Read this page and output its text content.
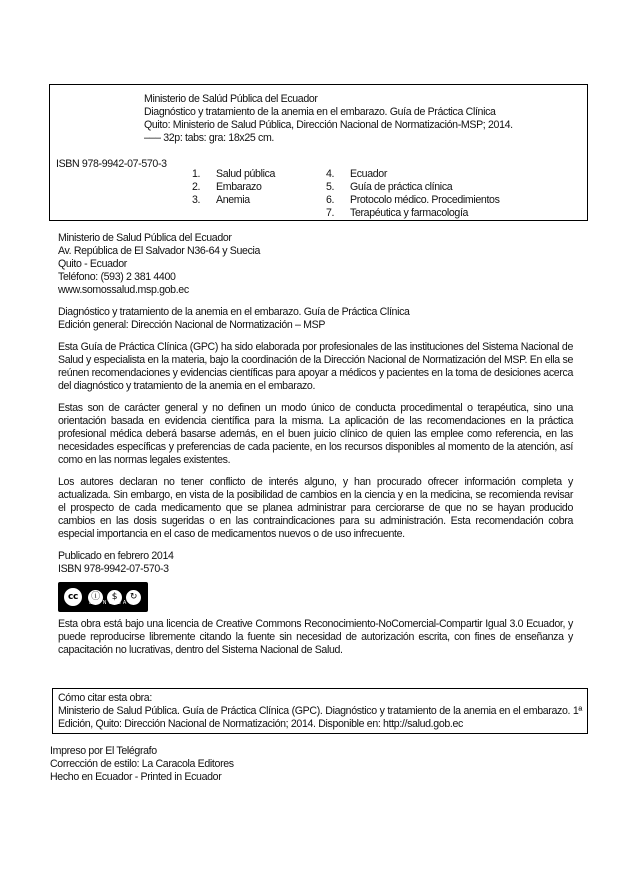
Ministerio de Salúd Pública del Ecuador
Diagnóstico y tratamiento de la anemia en el embarazo. Guía de Práctica Clínica
Quito: Ministerio de Salud Pública, Dirección Nacional de Normatización-MSP; 2014.
––– 32p: tabs: gra: 18x25 cm.
ISBN 978-9942-07-570-3
1. Salud pública
2. Embarazo
3. Anemia
4. Ecuador
5. Guía de práctica clínica
6. Protocolo médico. Procedimientos
7. Terapéutica y farmacología

Ministerio de Salud Pública del Ecuador
Av. República de El Salvador N36-64 y Suecia
Quito - Ecuador
Teléfono: (593) 2 381 4400
www.somossalud.msp.gob.ec

Diagnóstico y tratamiento de la anemia en el embarazo. Guía de Práctica Clínica
Edición general: Dirección Nacional de Normatización – MSP

Esta Guía de Práctica Clínica (GPC) ha sido elaborada por profesionales de las instituciones del Sistema Nacional de Salud y especialista en la materia, bajo la coordinación de la Dirección Nacional de Normatización del MSP. En ella se reúnen recomendaciones y evidencias científicas para apoyar a médicos y pacientes en la toma de desiciones acerca del diagnóstico y tratamiento de la anemia en el embarazo.

Estas son de carácter general y no definen un modo único de conducta procedimental o terapéutica, sino una orientación basada en evidencia científica para la misma. La aplicación de las recomendaciones en la práctica profesional médica deberá basarse además, en el buen juicio clínico de quien las emplee como referencia, en las necesidades específicas y preferencias de cada paciente, en los recursos disponibles al momento de la atención, así como en las normas legales existentes.

Los autores declaran no tener conflicto de interés alguno, y han procurado ofrecer información completa y actualizada. Sin embargo, en vista de la posibilidad de cambios en la ciencia y en la medicina, se recomienda revisar el prospecto de cada medicamento que se planea administrar para cerciorarse de que no se hayan producido cambios en las dosis sugeridas o en las contraindicaciones para su administración. Esta recomendación cobra especial importancia en el caso de medicamentos nuevos o de uso infrecuente.

Publicado en febrero 2014
ISBN 978-9942-07-570-3

cc	ⓘ	$	↻
BY NC SA

Esta obra está bajo una licencia de Creative Commons Reconocimiento-NoComercial-Compartir Igual 3.0 Ecuador, y puede reproducirse libremente citando la fuente sin necesidad de autorización escrita, con fines de enseñanza y capacitación no lucrativas, dentro del Sistema Nacional de Salud.

Cómo citar esta obra:
Ministerio de Salud Pública. Guía de Práctica Clínica (GPC). Diagnóstico y tratamiento de la anemia en el embarazo. 1ª Edición, Quito: Dirección Nacional de Normatización; 2014. Disponible en: http://salud.gob.ec
Impreso por El Telégrafo
Corrección de estilo: La Caracola Editores
Hecho en Ecuador - Printed in Ecuador
